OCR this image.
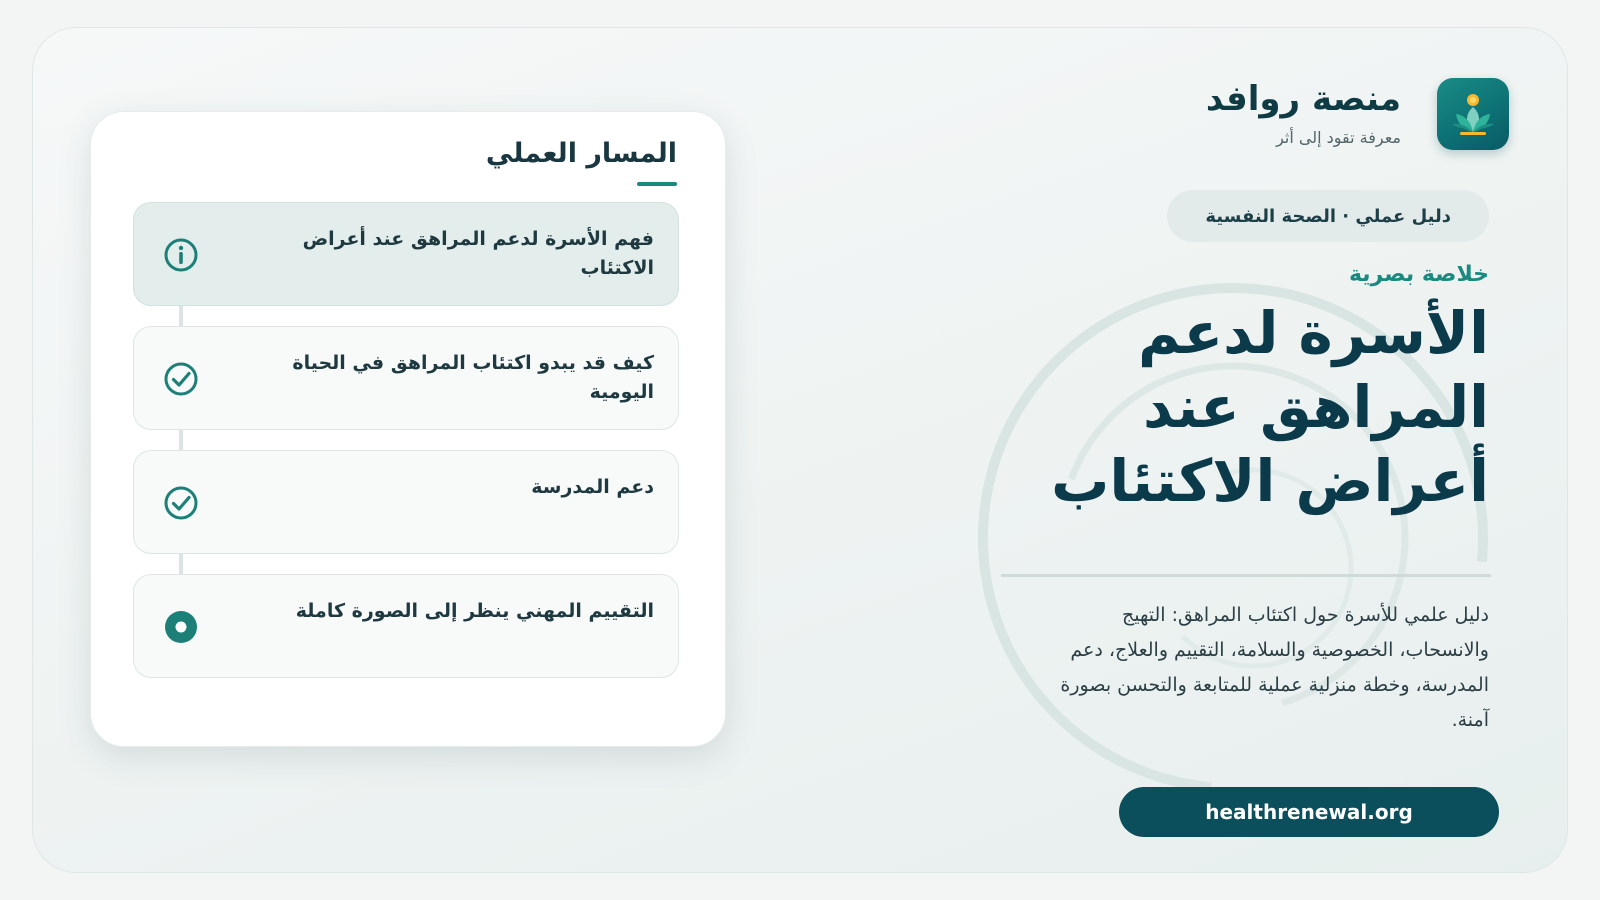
منصة روافد
معرفة تقود إلى أثر
دليل عملي · الصحة النفسية
خلاصة بصرية
الأسرة لدعم
المراهق عند
أعراض الاكتئاب
دليل علمي للأسرة حول اكتئاب المراهق: التهيج والانسحاب، الخصوصية والسلامة، التقييم والعلاج، دعم المدرسة، وخطة منزلية عملية للمتابعة والتحسن بصورة آمنة.
healthrenewal.org
المسار العملي
فهم الأسرة لدعم المراهق عند أعراض الاكتئاب
كيف قد يبدو اكتئاب المراهق في الحياة اليومية
دعم المدرسة
التقييم المهني ينظر إلى الصورة كاملة
